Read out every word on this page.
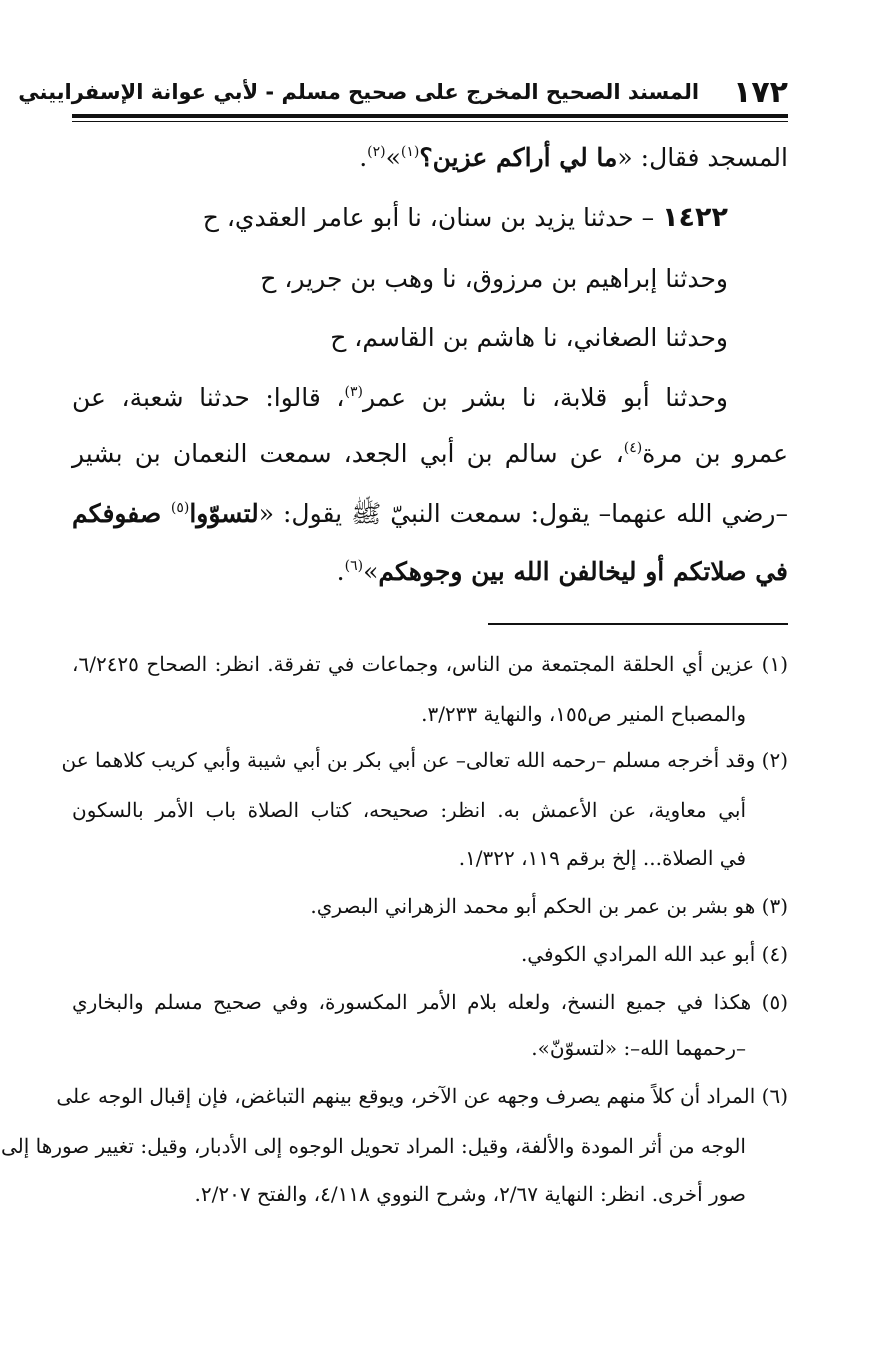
١٧٢
المسند الصحيح المخرج على صحيح مسلم - لأبي عوانة الإسفراييني
المسجد فقال: «ما لي أراكم عزين؟$^{(١)}$»$^{(٢)}$.
١٤٢٢ – حدثنا يزيد بن سنان، نا أبو عامر العقدي، ح
وحدثنا إبراهيم بن مرزوق، نا وهب بن جرير، ح
وحدثنا الصغاني، نا هاشم بن القاسم، ح
وحدثنا أبو قلابة، نا بشر بن عمر$^{(٣)}$، قالوا: حدثنا شعبة، عن
عمرو بن مرة$^{(٤)}$، عن سالم بن أبي الجعد، سمعت النعمان بن بشير
–رضي الله عنهما– يقول: سمعت النبيّ ﷺ يقول: «لتسوّوا$^{(٥)}$ صفوفكم
في صلاتكم أو ليخالفن الله بين وجوهكم»$^{(٦)}$.
(١) عزين أي الحلقة المجتمعة من الناس، وجماعات في تفرقة. انظر: الصحاح ٦/٢٤٢٥،
والمصباح المنير ص١٥٥، والنهاية ٣/٢٣٣.
(٢) وقد أخرجه مسلم –رحمه الله تعالى– عن أبي بكر بن أبي شيبة وأبي كريب كلاهما عن
أبي معاوية، عن الأعمش به. انظر: صحيحه، كتاب الصلاة باب الأمر بالسكون
في الصلاة... إلخ برقم ١١٩، ١/٣٢٢.
(٣) هو بشر بن عمر بن الحكم أبو محمد الزهراني البصري.
(٤) أبو عبد الله المرادي الكوفي.
(٥) هكذا في جميع النسخ، ولعله بلام الأمر المكسورة، وفي صحيح مسلم والبخاري
–رحمهما الله–: «لتسوّنّ».
(٦) المراد أن كلاً منهم يصرف وجهه عن الآخر، ويوقع بينهم التباغض، فإن إقبال الوجه على
الوجه من أثر المودة والألفة، وقيل: المراد تحويل الوجوه إلى الأدبار، وقيل: تغيير صورها إلى
صور أخرى. انظر: النهاية ٢/٦٧، وشرح النووي ٤/١١٨، والفتح ٢/٢٠٧.
